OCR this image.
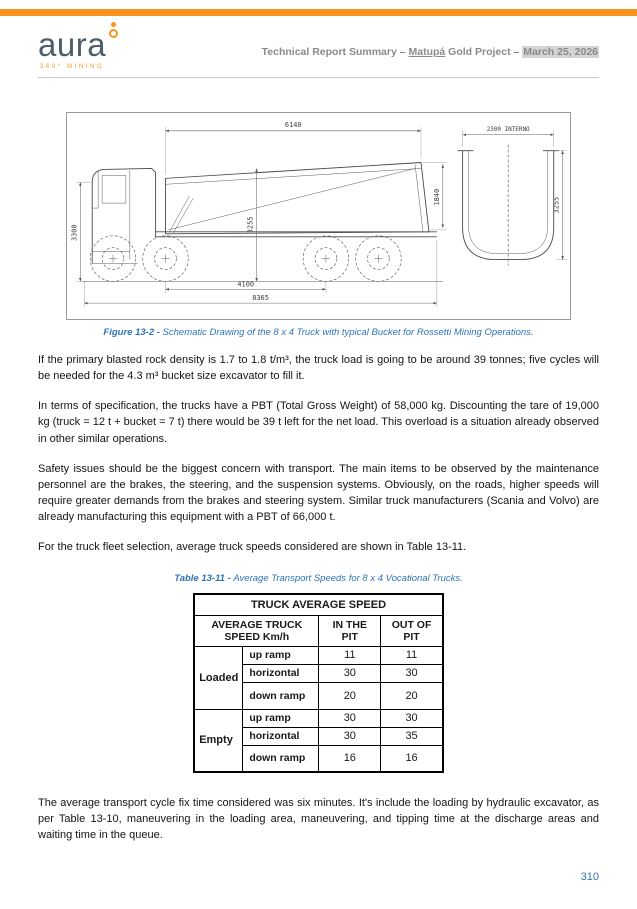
aura
360° MINING
Technical Report Summary – Matupá Gold Project – March 25, 2026
6140
3300	3255
1840
4100
8365
2300 INTERNO
3255
Figure 13-2 - Schematic Drawing of the 8 x 4 Truck with typical Bucket for Rossetti Mining Operations.

If the primary blasted rock density is 1.7 to 1.8 t/m³, the truck load is going to be around 39 tonnes; five cycles will be needed for the 4.3 m³ bucket size excavator to fill it.

In terms of specification, the trucks have a PBT (Total Gross Weight) of 58,000 kg. Discounting the tare of 19,000 kg (truck = 12 t + bucket = 7 t) there would be 39 t left for the net load. This overload is a situation already observed in other similar operations.

Safety issues should be the biggest concern with transport. The main items to be observed by the maintenance personnel are the brakes, the steering, and the suspension systems. Obviously, on the roads, higher speeds will require greater demands from the brakes and steering system. Similar truck manufacturers (Scania and Volvo) are already manufacturing this equipment with a PBT of 66,000 t.

For the truck fleet selection, average truck speeds considered are shown in Table 13-11.

Table 13-11 - Average Transport Speeds for 8 x 4 Vocational Trucks.
TRUCK AVERAGE SPEED			
AVERAGE TRUCK SPEED Km/h		IN THE PIT	OUT OF PIT
Loaded	up ramp	11	11
	horizontal	30	30
	down ramp	20	20
Empty	up ramp	30	30
	horizontal	30	35
	down ramp	16	16

The average transport cycle fix time considered was six minutes. It's include the loading by hydraulic excavator, as per Table 13-10, maneuvering in the loading area, maneuvering, and tipping time at the discharge areas and waiting time in the queue.

310
